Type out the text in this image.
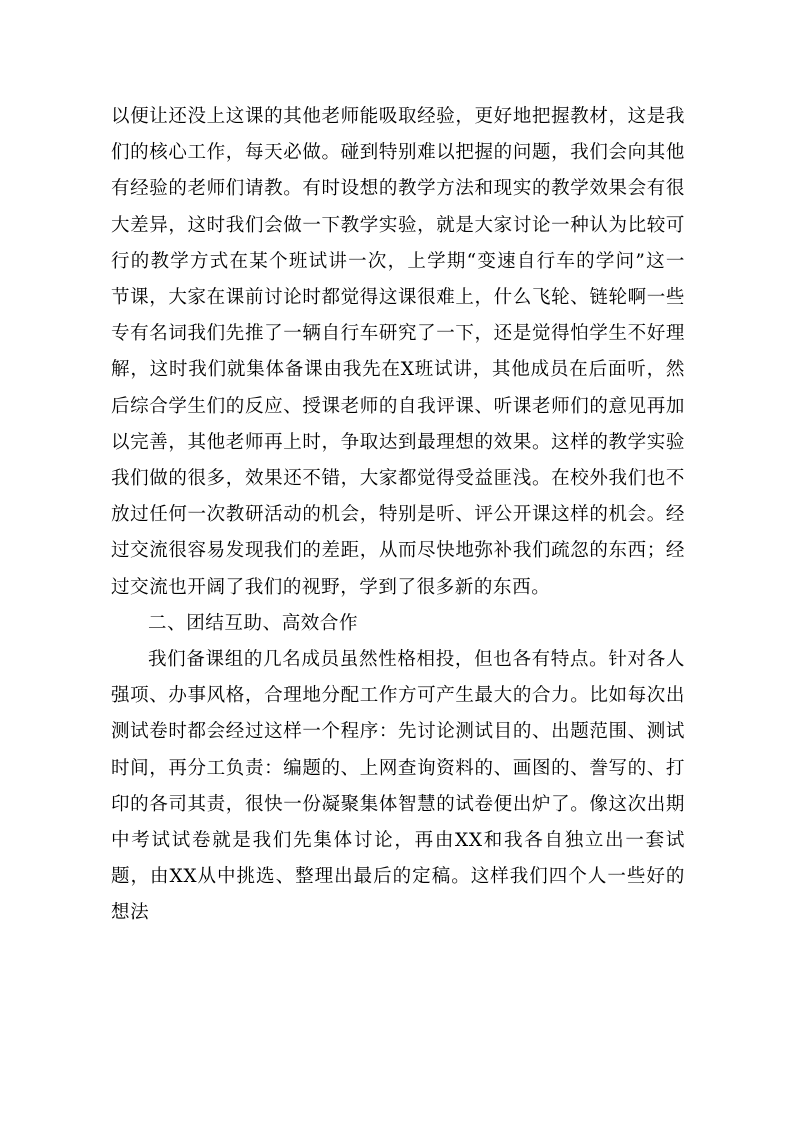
以便让还没上这课的其他老师能吸取经验，更好地把握教材，这是我们的核心工作，每天必做。碰到特别难以把握的问题，我们会向其他有经验的老师们请教。有时设想的教学方法和现实的教学效果会有很大差异，这时我们会做一下教学实验，就是大家讨论一种认为比较可行的教学方式在某个班试讲一次，上学期“变速自行车的学问”这一节课，大家在课前讨论时都觉得这课很难上，什么飞轮、链轮啊一些专有名词我们先推了一辆自行车研究了一下，还是觉得怕学生不好理解，这时我们就集体备课由我先在X班试讲，其他成员在后面听，然后综合学生们的反应、授课老师的自我评课、听课老师们的意见再加以完善，其他老师再上时，争取达到最理想的效果。这样的教学实验我们做的很多，效果还不错，大家都觉得受益匪浅。在校外我们也不放过任何一次教研活动的机会，特别是听、评公开课这样的机会。经过交流很容易发现我们的差距，从而尽快地弥补我们疏忽的东西；经过交流也开阔了我们的视野，学到了很多新的东西。

二、团结互助、高效合作

我们备课组的几名成员虽然性格相投，但也各有特点。针对各人强项、办事风格，合理地分配工作方可产生最大的合力。比如每次出测试卷时都会经过这样一个程序：先讨论测试目的、出题范围、测试时间，再分工负责：编题的、上网查询资料的、画图的、誊写的、打印的各司其责，很快一份凝聚集体智慧的试卷便出炉了。像这次出期中考试试卷就是我们先集体讨论，再由XX和我各自独立出一套试题，由XX从中挑选、整理出最后的定稿。这样我们四个人一些好的想法
